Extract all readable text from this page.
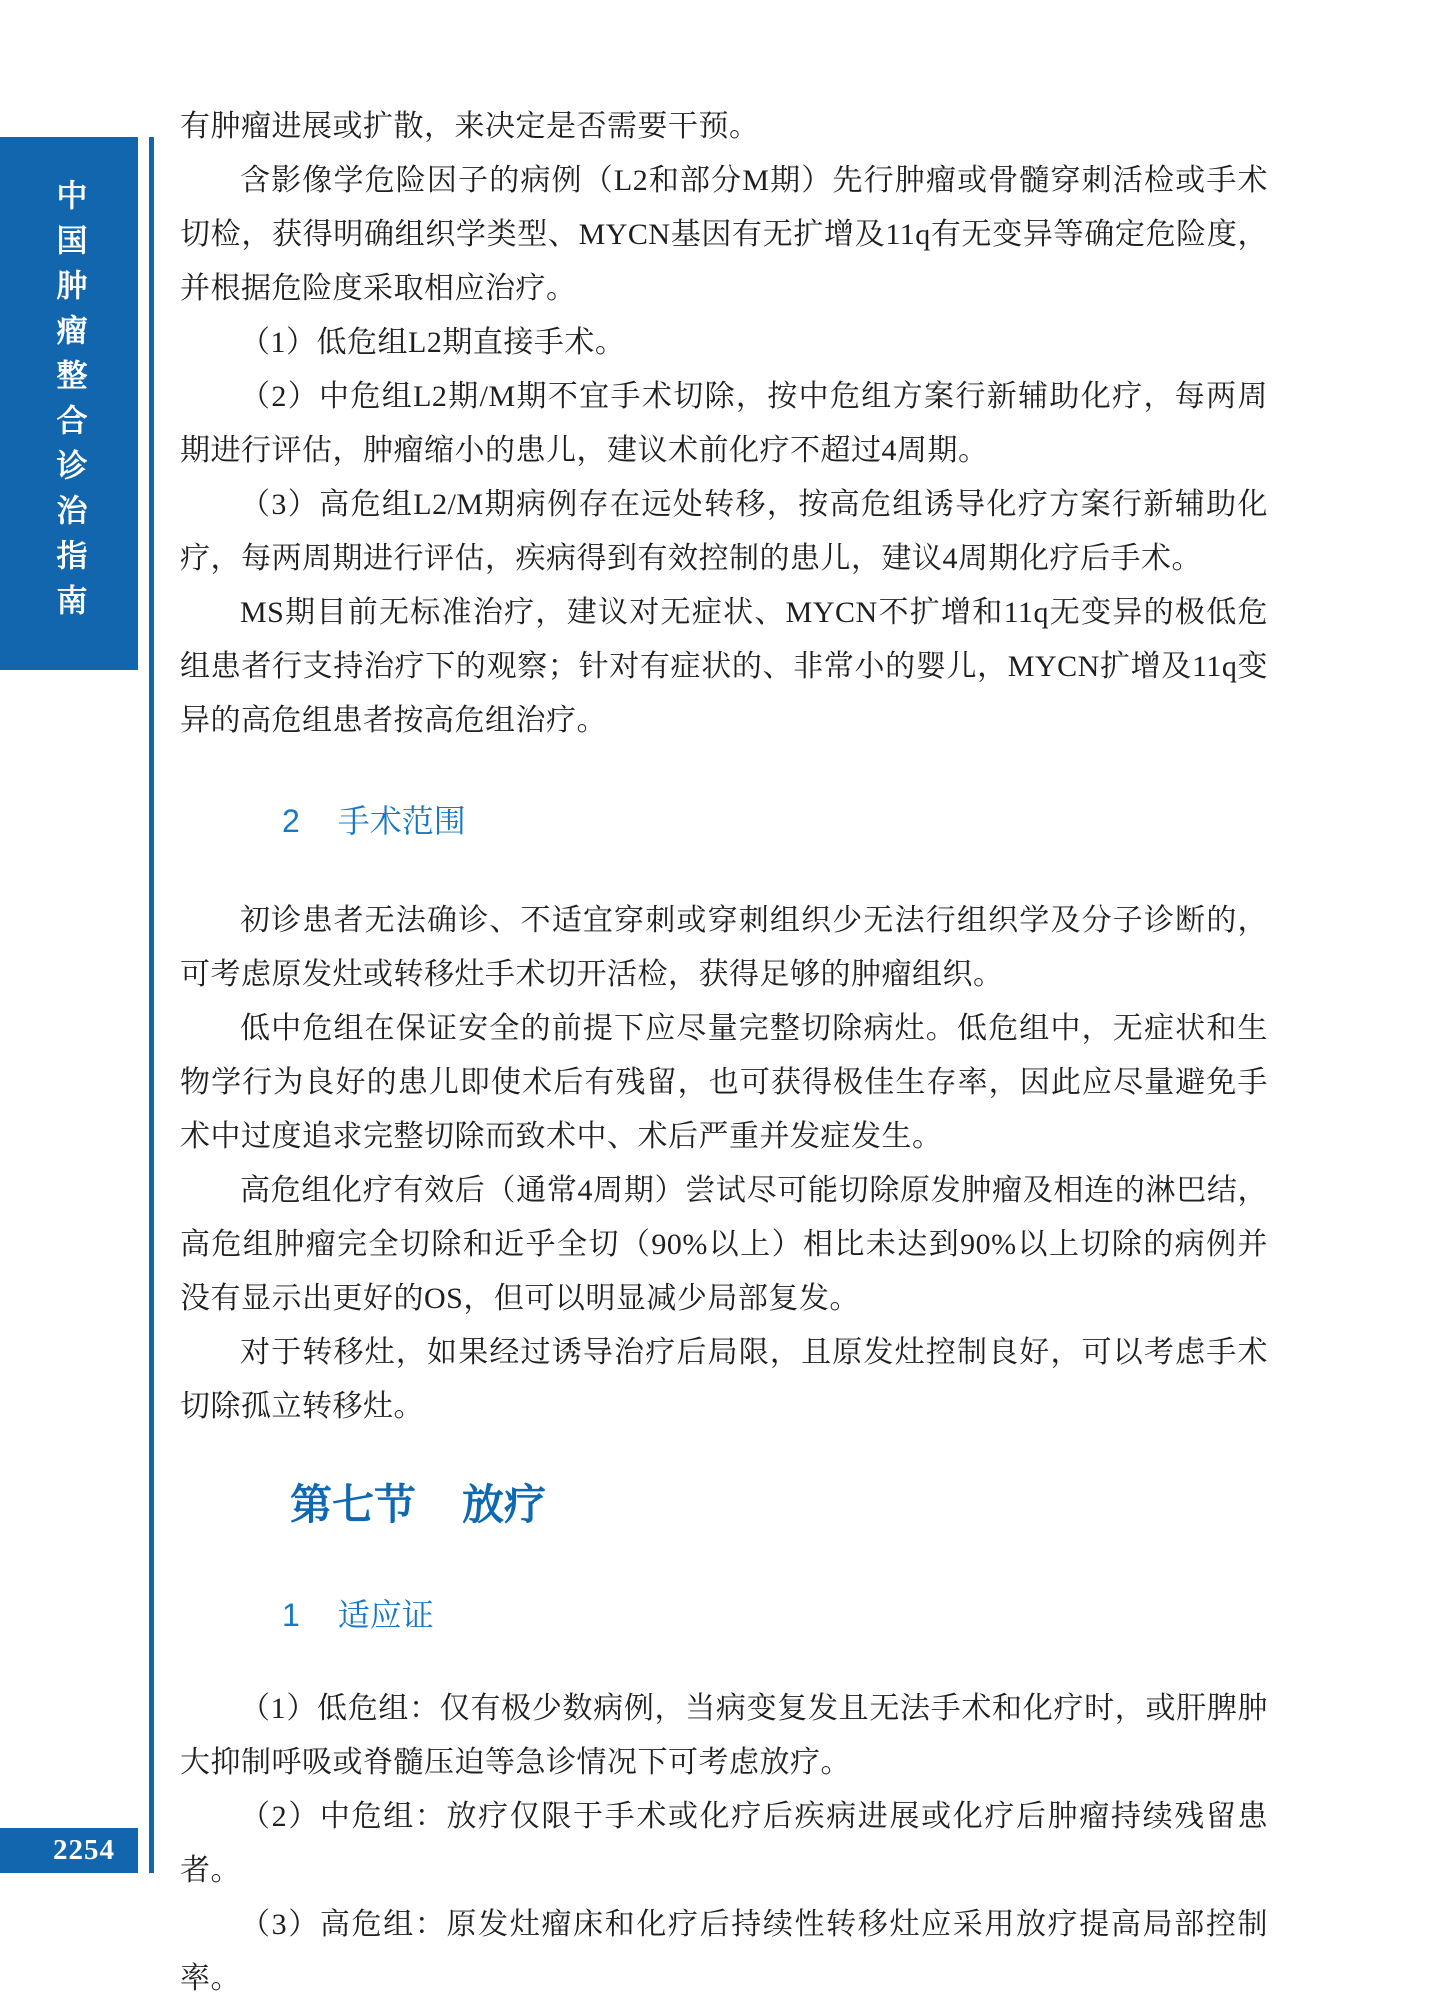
中国肿瘤整合诊治指南
2254

有肿瘤进展或扩散，来决定是否需要干预。

含影像学危险因子的病例（L2和部分M期）先行肿瘤或骨髓穿刺活检或手术切检，获得明确组织学类型、MYCN基因有无扩增及11q有无变异等确定危险度，并根据危险度采取相应治疗。

（1）低危组L2期直接手术。

（2）中危组L2期/M期不宜手术切除，按中危组方案行新辅助化疗，每两周期进行评估，肿瘤缩小的患儿，建议术前化疗不超过4周期。

（3）高危组L2/M期病例存在远处转移，按高危组诱导化疗方案行新辅助化疗，每两周期进行评估，疾病得到有效控制的患儿，建议4周期化疗后手术。

MS期目前无标准治疗，建议对无症状、MYCN不扩增和11q无变异的极低危组患者行支持治疗下的观察；针对有症状的、非常小的婴儿，MYCN扩增及11q变异的高危组患者按高危组治疗。

2 手术范围

初诊患者无法确诊、不适宜穿刺或穿刺组织少无法行组织学及分子诊断的，可考虑原发灶或转移灶手术切开活检，获得足够的肿瘤组织。

低中危组在保证安全的前提下应尽量完整切除病灶。低危组中，无症状和生物学行为良好的患儿即使术后有残留，也可获得极佳生存率，因此应尽量避免手术中过度追求完整切除而致术中、术后严重并发症发生。

高危组化疗有效后（通常4周期）尝试尽可能切除原发肿瘤及相连的淋巴结，高危组肿瘤完全切除和近乎全切（90%以上）相比未达到90%以上切除的病例并没有显示出更好的OS，但可以明显减少局部复发。

对于转移灶，如果经过诱导治疗后局限，且原发灶控制良好，可以考虑手术切除孤立转移灶。

第七节 放疗
1 适应证

（1）低危组：仅有极少数病例，当病变复发且无法手术和化疗时，或肝脾肿大抑制呼吸或脊髓压迫等急诊情况下可考虑放疗。

（2）中危组：放疗仅限于手术或化疗后疾病进展或化疗后肿瘤持续残留患者。

（3）高危组：原发灶瘤床和化疗后持续性转移灶应采用放疗提高局部控制率。
